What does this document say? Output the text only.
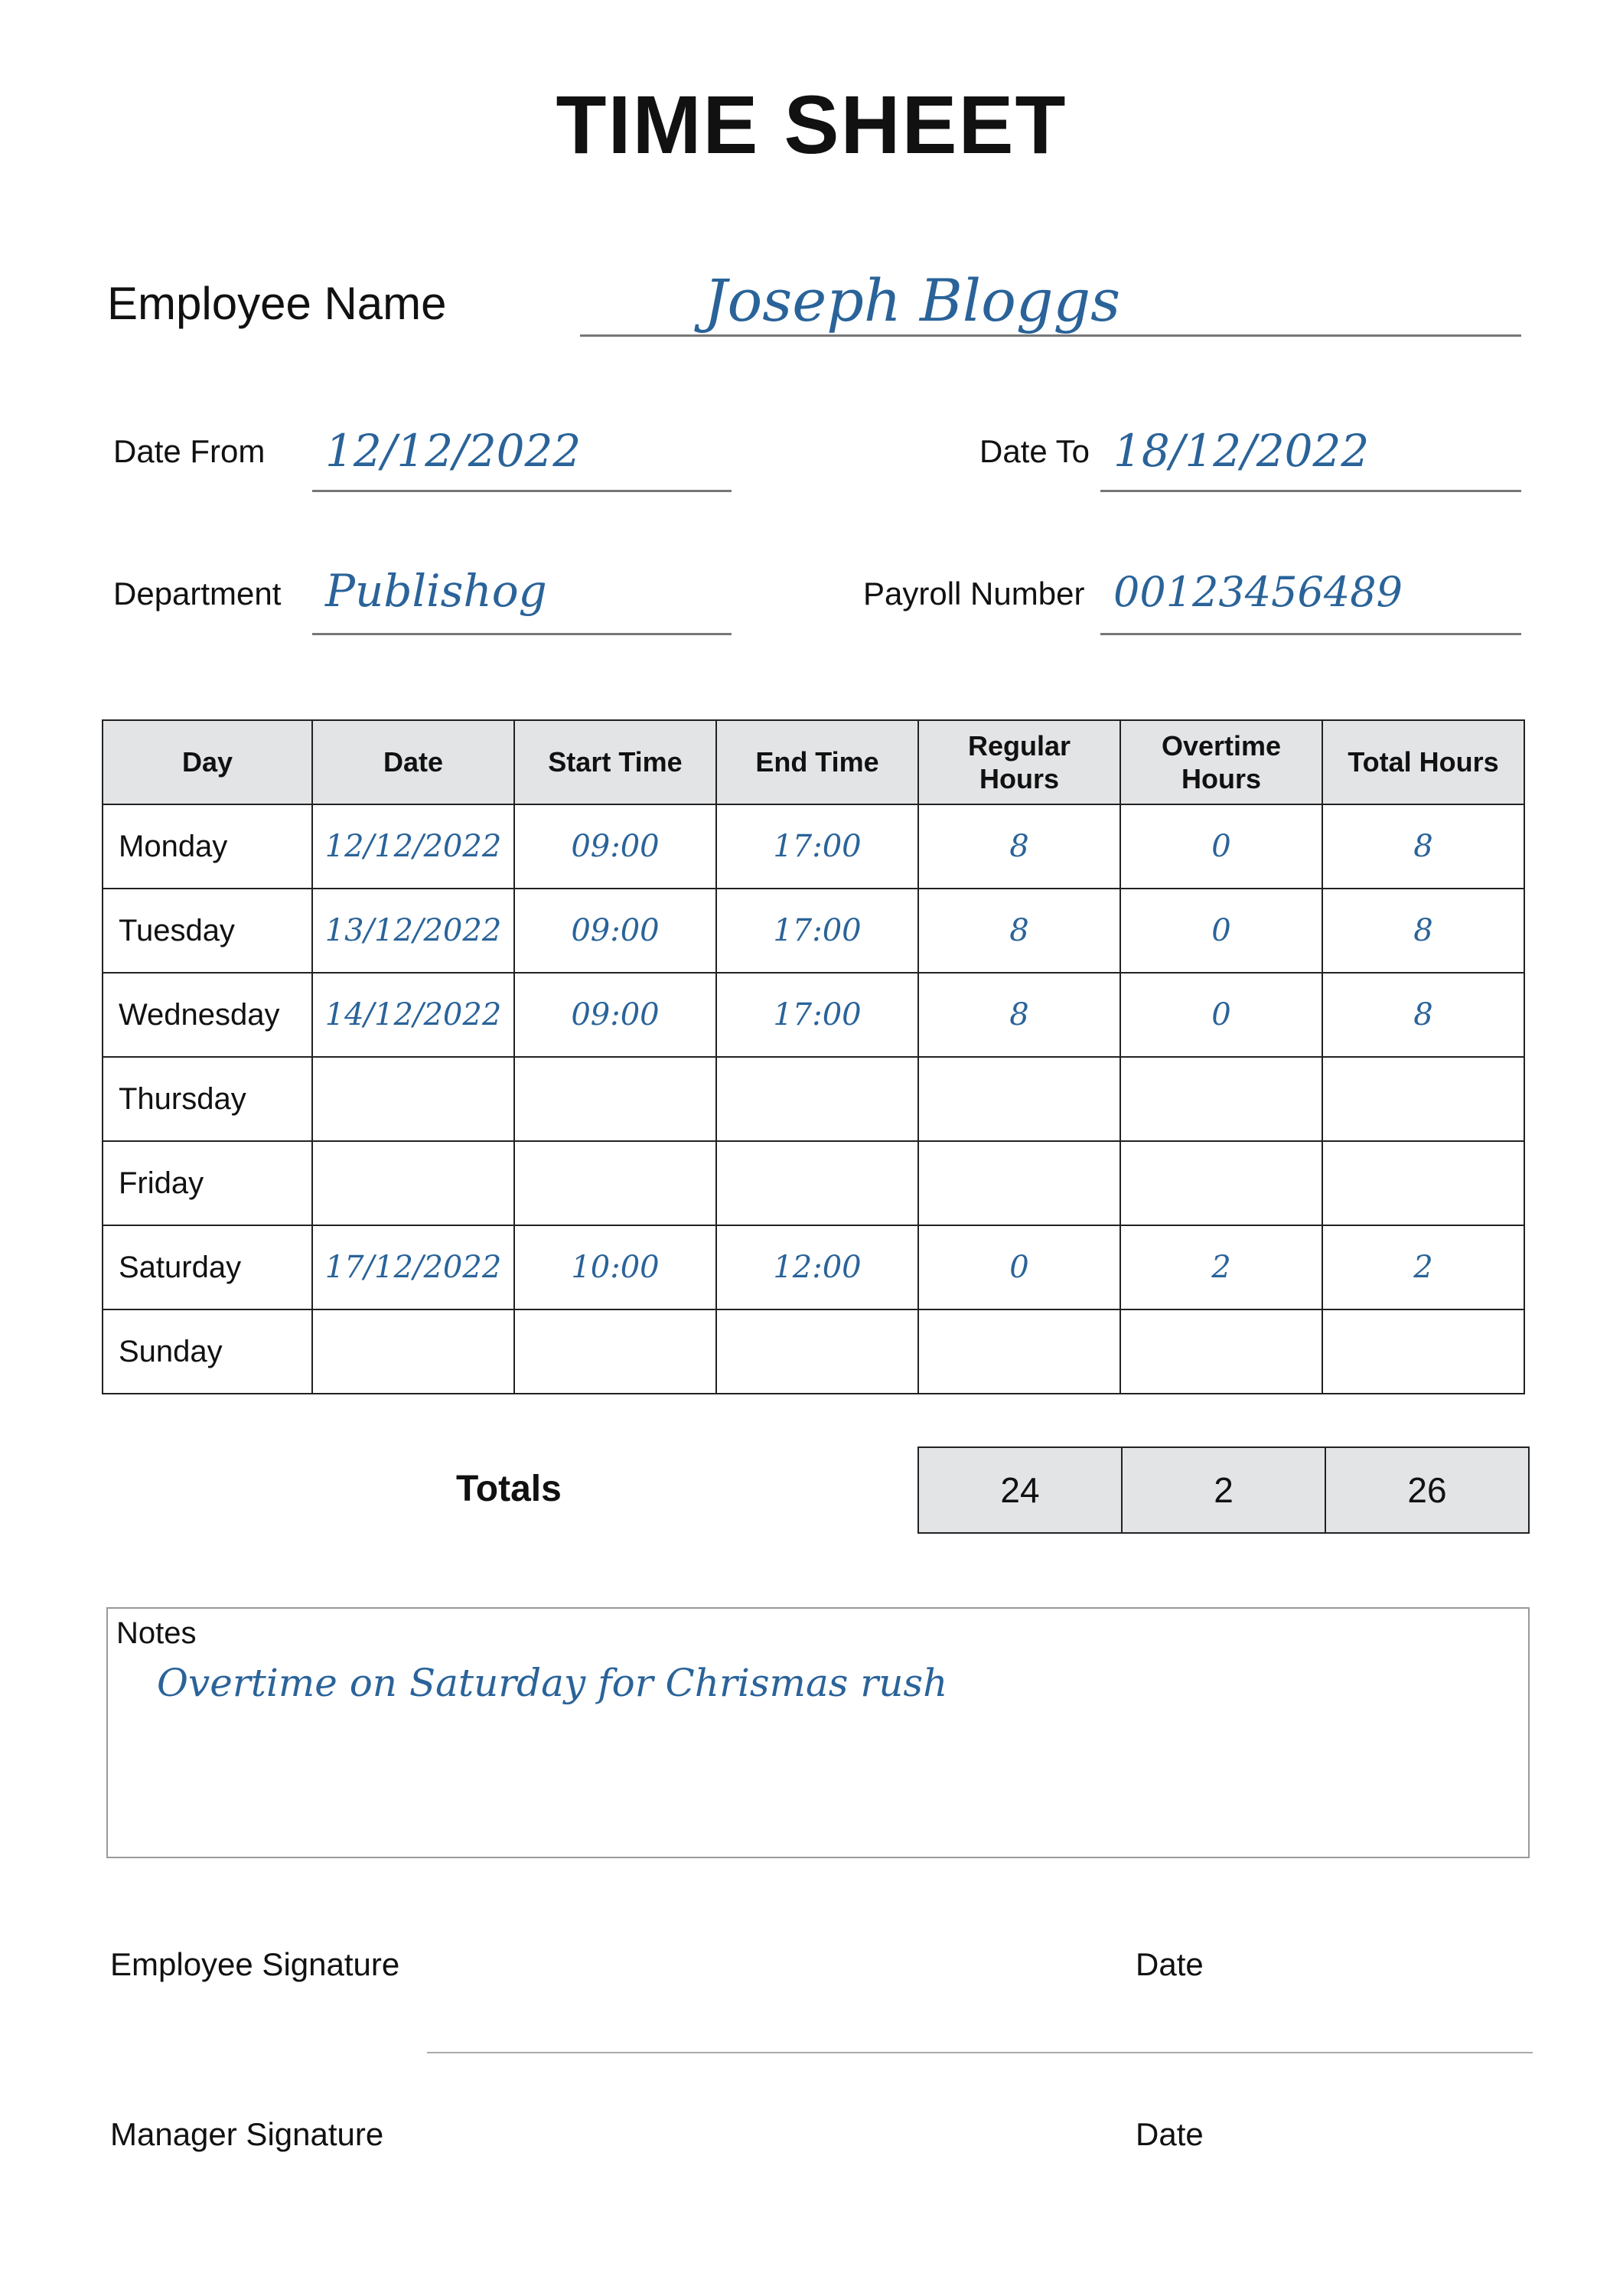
TIME SHEET
Employee Name	Joseph Bloggs
Date From 12/12/2022	Date To 18/12/2022
Department Publishog	Payroll Number 00123456489
Day	Date	Start Time	End Time	Regular Hours	Overtime Hours	Total Hours
Monday	12/12/2022	09:00	17:00	8	0	8
Tuesday	13/12/2022	09:00	17:00	8	0	8
Wednesday	14/12/2022	09:00	17:00	8	0	8
Thursday						
Friday						
Saturday	17/12/2022	10:00	12:00	0	2	2
Sunday						
Totals	24	2	26
Notes
Overtime on Saturday for Chrismas rush
Employee Signature	Date
Manager Signature	Date
